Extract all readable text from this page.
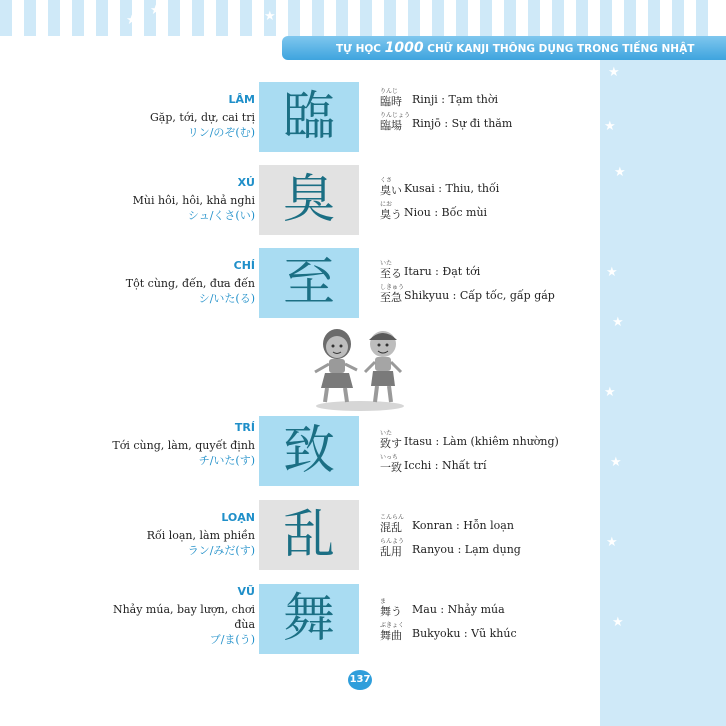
★
★	★
★
★
★
★
★
★
★
★
★
TỰ HỌC 1000 CHỮ KANJI THÔNG DỤNG TRONG TIẾNG NHẬT
LÂM
Gặp, tới, dự, cai trị
リン/のぞ(む) 臨	りんじ
臨時 Rinji : Tạm thời
りんじょう
臨場 Rinjō : Sự đi thăm
XÚ
Mùi hôi, hôi, khả nghi
シュ/くさ(い) 臭	くさ
臭い Kusai : Thiu, thối
にお
臭う Niou : Bốc mùi
CHÍ
Tột cùng, đến, đưa đến
シ/いた(る) 至	いた
至る Itaru : Đạt tới
しきゅう
至急 Shikyuu : Cấp tốc, gấp gáp
TRÍ
Tới cùng, làm, quyết định
チ/いた(す) 致	いた
致す Itasu : Làm (khiêm nhường)
いっち
一致 Icchi : Nhất trí
LOẠN
Rối loạn, làm phiền
ラン/みだ(す) 乱	こんらん
混乱 Konran : Hỗn loạn
らんよう
乱用 Ranyou : Lạm dụng
VŨ
Nhảy múa, bay lượn, chơi đùa
ブ/ま(う) 舞	ま
舞う Mau : Nhảy múa
ぶきょく
舞曲 Bukyoku : Vũ khúc
137
